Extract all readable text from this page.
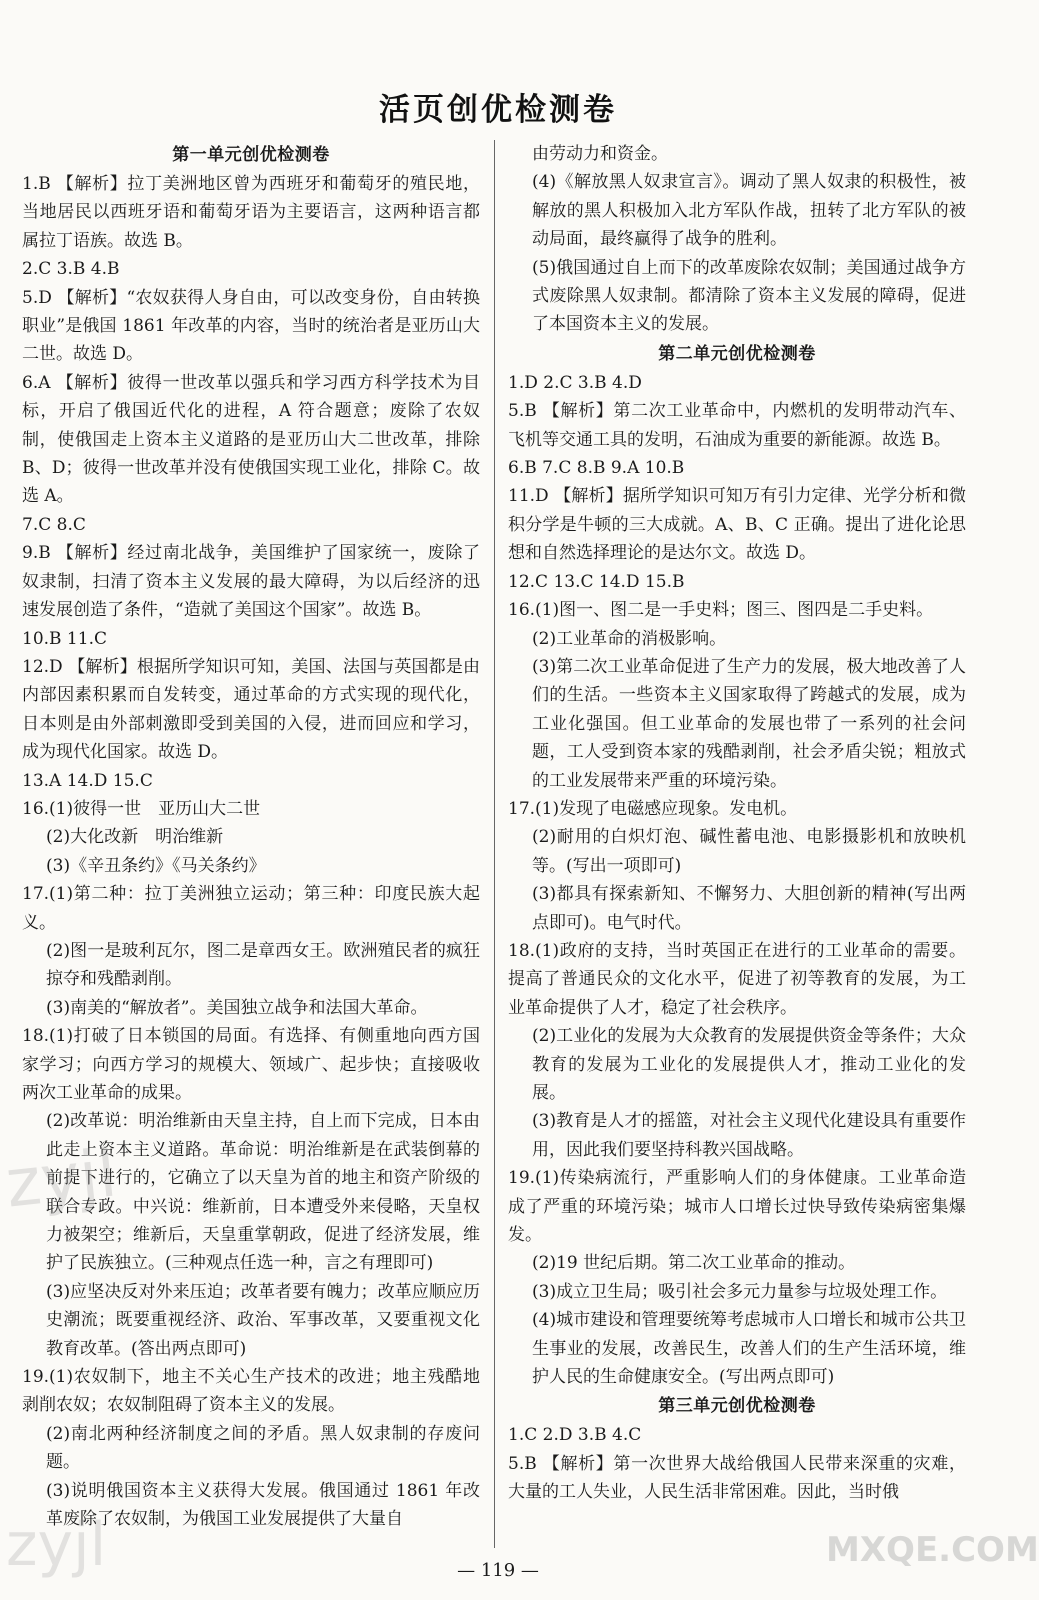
活页创优检测卷
第一单元创优检测卷
1.B 【解析】拉丁美洲地区曾为西班牙和葡萄牙的殖民地，当地居民以西班牙语和葡萄牙语为主要语言，这两种语言都属拉丁语族。故选 B。
2.C 3.B 4.B
5.D 【解析】“农奴获得人身自由，可以改变身份，自由转换职业”是俄国 1861 年改革的内容，当时的统治者是亚历山大二世。故选 D。
6.A 【解析】彼得一世改革以强兵和学习西方科学技术为目标，开启了俄国近代化的进程，A 符合题意；废除了农奴制，使俄国走上资本主义道路的是亚历山大二世改革，排除 B、D；彼得一世改革并没有使俄国实现工业化，排除 C。故选 A。
7.C 8.C
9.B 【解析】经过南北战争，美国维护了国家统一，废除了奴隶制，扫清了资本主义发展的最大障碍，为以后经济的迅速发展创造了条件，“造就了美国这个国家”。故选 B。
10.B 11.C
12.D 【解析】根据所学知识可知，美国、法国与英国都是由内部因素积累而自发转变，通过革命的方式实现的现代化，日本则是由外部刺激即受到美国的入侵，进而回应和学习，成为现代化国家。故选 D。
13.A 14.D 15.C
16.(1)彼得一世　亚历山大二世
(2)大化改新　明治维新
(3)《辛丑条约》《马关条约》
17.(1)第二种：拉丁美洲独立运动；第三种：印度民族大起义。
(2)图一是玻利瓦尔，图二是章西女王。欧洲殖民者的疯狂掠夺和残酷剥削。
(3)南美的“解放者”。美国独立战争和法国大革命。
18.(1)打破了日本锁国的局面。有选择、有侧重地向西方国家学习；向西方学习的规模大、领域广、起步快；直接吸收两次工业革命的成果。
(2)改革说：明治维新由天皇主持，自上而下完成，日本由此走上资本主义道路。革命说：明治维新是在武装倒幕的前提下进行的，它确立了以天皇为首的地主和资产阶级的联合专政。中兴说：维新前，日本遭受外来侵略，天皇权力被架空；维新后，天皇重掌朝政，促进了经济发展，维护了民族独立。(三种观点任选一种，言之有理即可)
(3)应坚决反对外来压迫；改革者要有魄力；改革应顺应历史潮流；既要重视经济、政治、军事改革，又要重视文化教育改革。(答出两点即可)
19.(1)农奴制下，地主不关心生产技术的改进；地主残酷地剥削农奴；农奴制阻碍了资本主义的发展。
(2)南北两种经济制度之间的矛盾。黑人奴隶制的存废问题。
(3)说明俄国资本主义获得大发展。俄国通过 1861 年改革废除了农奴制，为俄国工业发展提供了大量自
由劳动力和资金。
(4)《解放黑人奴隶宣言》。调动了黑人奴隶的积极性，被解放的黑人积极加入北方军队作战，扭转了北方军队的被动局面，最终赢得了战争的胜利。
(5)俄国通过自上而下的改革废除农奴制；美国通过战争方式废除黑人奴隶制。都清除了资本主义发展的障碍，促进了本国资本主义的发展。
第二单元创优检测卷
1.D 2.C 3.B 4.D
5.B 【解析】第二次工业革命中，内燃机的发明带动汽车、飞机等交通工具的发明，石油成为重要的新能源。故选 B。
6.B 7.C 8.B 9.A 10.B
11.D 【解析】据所学知识可知万有引力定律、光学分析和微积分学是牛顿的三大成就。A、B、C 正确。提出了进化论思想和自然选择理论的是达尔文。故选 D。
12.C 13.C 14.D 15.B
16.(1)图一、图二是一手史料；图三、图四是二手史料。
(2)工业革命的消极影响。
(3)第二次工业革命促进了生产力的发展，极大地改善了人们的生活。一些资本主义国家取得了跨越式的发展，成为工业化强国。但工业革命的发展也带了一系列的社会问题，工人受到资本家的残酷剥削，社会矛盾尖锐；粗放式的工业发展带来严重的环境污染。
17.(1)发现了电磁感应现象。发电机。
(2)耐用的白炽灯泡、碱性蓄电池、电影摄影机和放映机等。(写出一项即可)
(3)都具有探索新知、不懈努力、大胆创新的精神(写出两点即可)。电气时代。
18.(1)政府的支持，当时英国正在进行的工业革命的需要。提高了普通民众的文化水平，促进了初等教育的发展，为工业革命提供了人才，稳定了社会秩序。
(2)工业化的发展为大众教育的发展提供资金等条件；大众教育的发展为工业化的发展提供人才，推动工业化的发展。
(3)教育是人才的摇篮，对社会主义现代化建设具有重要作用，因此我们要坚持科教兴国战略。
19.(1)传染病流行，严重影响人们的身体健康。工业革命造成了严重的环境污染；城市人口增长过快导致传染病密集爆发。
(2)19 世纪后期。第二次工业革命的推动。
(3)成立卫生局；吸引社会多元力量参与垃圾处理工作。
(4)城市建设和管理要统筹考虑城市人口增长和城市公共卫生事业的发展，改善民生，改善人们的生产生活环境，维护人民的生命健康安全。(写出两点即可)
第三单元创优检测卷
1.C 2.D 3.B 4.C
5.B 【解析】第一次世界大战给俄国人民带来深重的灾难，大量的工人失业，人民生活非常困难。因此，当时俄
— 119 —
zyjl
zyjl	MXQE.COM
